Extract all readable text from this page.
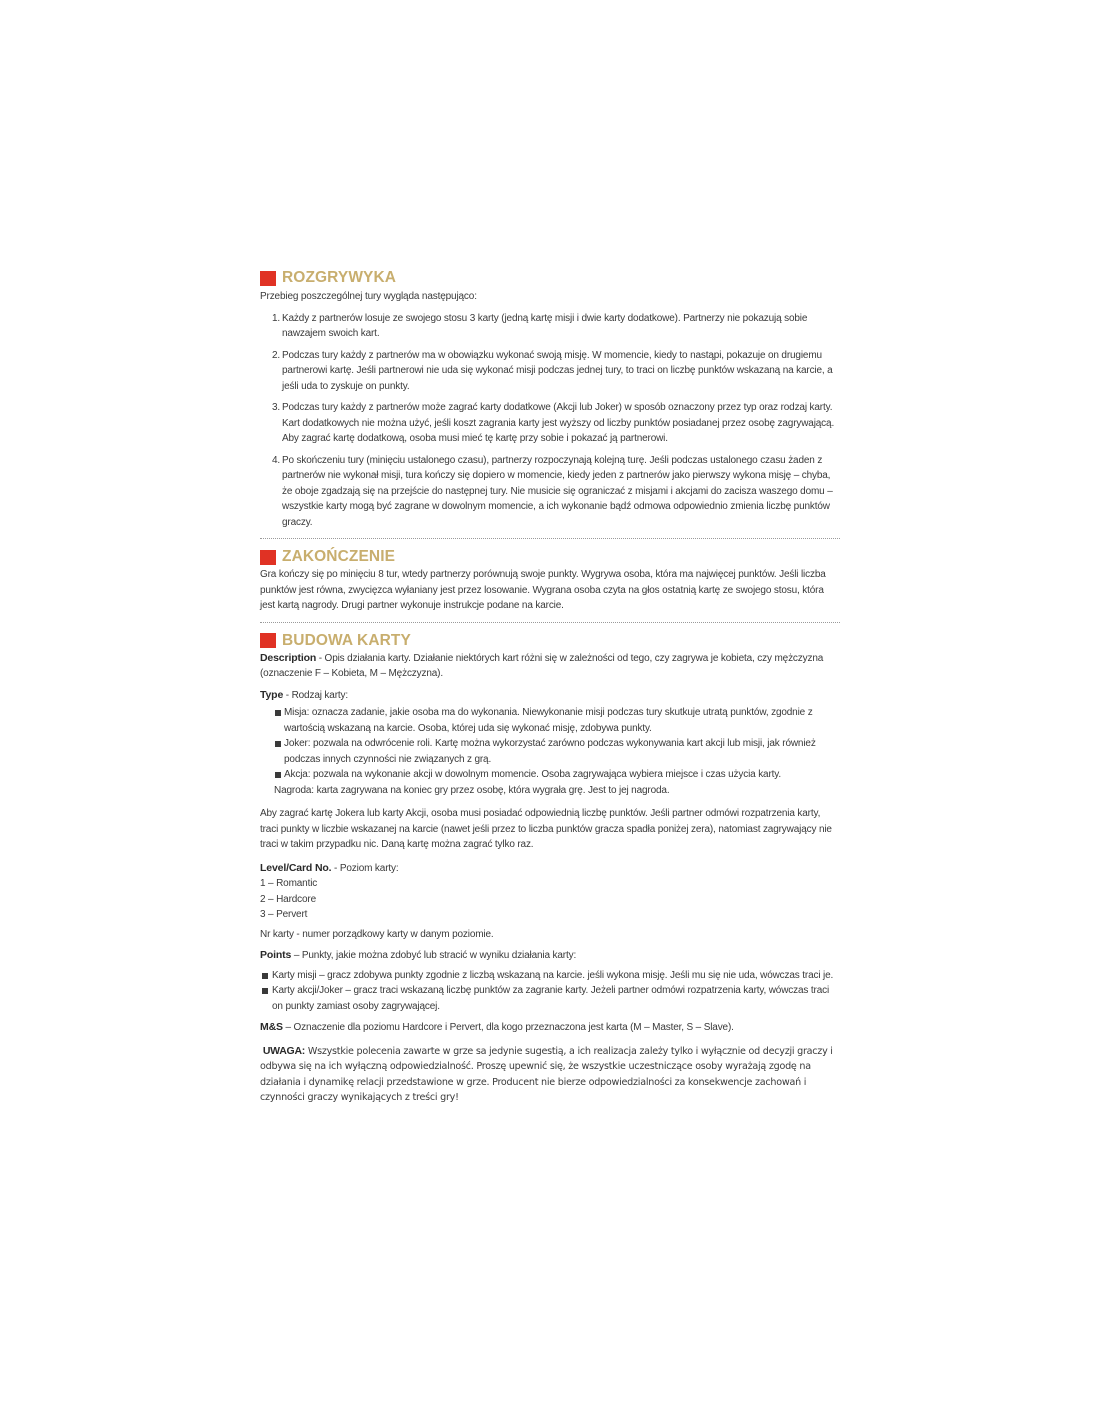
ROZGRYWYKA

Przebieg poszczególnej tury wygląda następująco:

1. Każdy z partnerów losuje ze swojego stosu 3 karty (jedną kartę misji i dwie karty dodatkowe). Partnerzy nie pokazują sobie nawzajem swoich kart.
2. Podczas tury każdy z partnerów ma w obowiązku wykonać swoją misję. W momencie, kiedy to nastąpi, pokazuje on drugiemu partnerowi kartę. Jeśli partnerowi nie uda się wykonać misji podczas jednej tury, to traci on liczbę punktów wskazaną na karcie, a jeśli uda to zyskuje on punkty.
3. Podczas tury każdy z partnerów może zagrać karty dodatkowe (Akcji lub Joker) w sposób oznaczony przez typ oraz rodzaj karty. Kart dodatkowych nie można użyć, jeśli koszt zagrania karty jest wyższy od liczby punktów posiadanej przez osobę zagrywającą. Aby zagrać kartę dodatkową, osoba musi mieć tę kartę przy sobie i pokazać ją partnerowi.
4. Po skończeniu tury (minięciu ustalonego czasu), partnerzy rozpoczynają kolejną turę. Jeśli podczas ustalonego czasu żaden z partnerów nie wykonał misji, tura kończy się dopiero w momencie, kiedy jeden z partnerów jako pierwszy wykona misję – chyba, że oboje zgadzają się na przejście do następnej tury. Nie musicie się ograniczać z misjami i akcjami do zacisza waszego domu – wszystkie karty mogą być zagrane w dowolnym momencie, a ich wykonanie bądź odmowa odpowiednio zmienia liczbę punktów graczy.
ZAKOŃCZENIE

Gra kończy się po minięciu 8 tur, wtedy partnerzy porównują swoje punkty. Wygrywa osoba, która ma najwięcej punktów. Jeśli liczba punktów jest równa, zwycięzca wyłaniany jest przez losowanie. Wygrana osoba czyta na głos ostatnią kartę ze swojego stosu, która jest kartą nagrody. Drugi partner wykonuje instrukcje podane na karcie.

BUDOWA KARTY

Description - Opis działania karty. Działanie niektórych kart różni się w zależności od tego, czy zagrywa je kobieta, czy mężczyzna (oznaczenie F – Kobieta, M – Mężczyzna).

Type - Rodzaj karty:

Misja: oznacza zadanie, jakie osoba ma do wykonania. Niewykonanie misji podczas tury skutkuje utratą punktów, zgodnie z wartością wskazaną na karcie. Osoba, której uda się wykonać misję, zdobywa punkty.
Joker: pozwala na odwrócenie roli. Kartę można wykorzystać zarówno podczas wykonywania kart akcji lub misji, jak również podczas innych czynności nie związanych z grą.
Akcja: pozwala na wykonanie akcji w dowolnym momencie. Osoba zagrywająca wybiera miejsce i czas użycia karty.

Nagroda: karta zagrywana na koniec gry przez osobę, która wygrała grę. Jest to jej nagroda.

Aby zagrać kartę Jokera lub karty Akcji, osoba musi posiadać odpowiednią liczbę punktów. Jeśli partner odmówi rozpatrzenia karty, traci punkty w liczbie wskazanej na karcie (nawet jeśli przez to liczba punktów gracza spadła poniżej zera), natomiast zagrywający nie traci w takim przypadku nic. Daną kartę można zagrać tylko raz.

Level/Card No. - Poziom karty:

1 – Romantic

2 – Hardcore

3 – Pervert

Nr karty - numer porządkowy karty w danym poziomie.

Points – Punkty, jakie można zdobyć lub stracić w wyniku działania karty:

Karty misji – gracz zdobywa punkty zgodnie z liczbą wskazaną na karcie. jeśli wykona misję. Jeśli mu się nie uda, wówczas traci je.
Karty akcji/Joker – gracz traci wskazaną liczbę punktów za zagranie karty. Jeżeli partner odmówi rozpatrzenia karty, wówczas traci on punkty zamiast osoby zagrywającej.

M&S – Oznaczenie dla poziomu Hardcore i Pervert, dla kogo przeznaczona jest karta (M – Master, S – Slave).

UWAGA: Wszystkie polecenia zawarte w grze sa jedynie sugestią, a ich realizacja zależy tylko i wyłącznie od decyzji graczy i odbywa się na ich wyłączną odpowiedzialność. Proszę upewnić się, że wszystkie uczestniczące osoby wyrażają zgodę na działania i dynamikę relacji przedstawione w grze. Producent nie bierze odpowiedzialności za konsekwencje zachowań i czynności graczy wynikających z treści gry!
